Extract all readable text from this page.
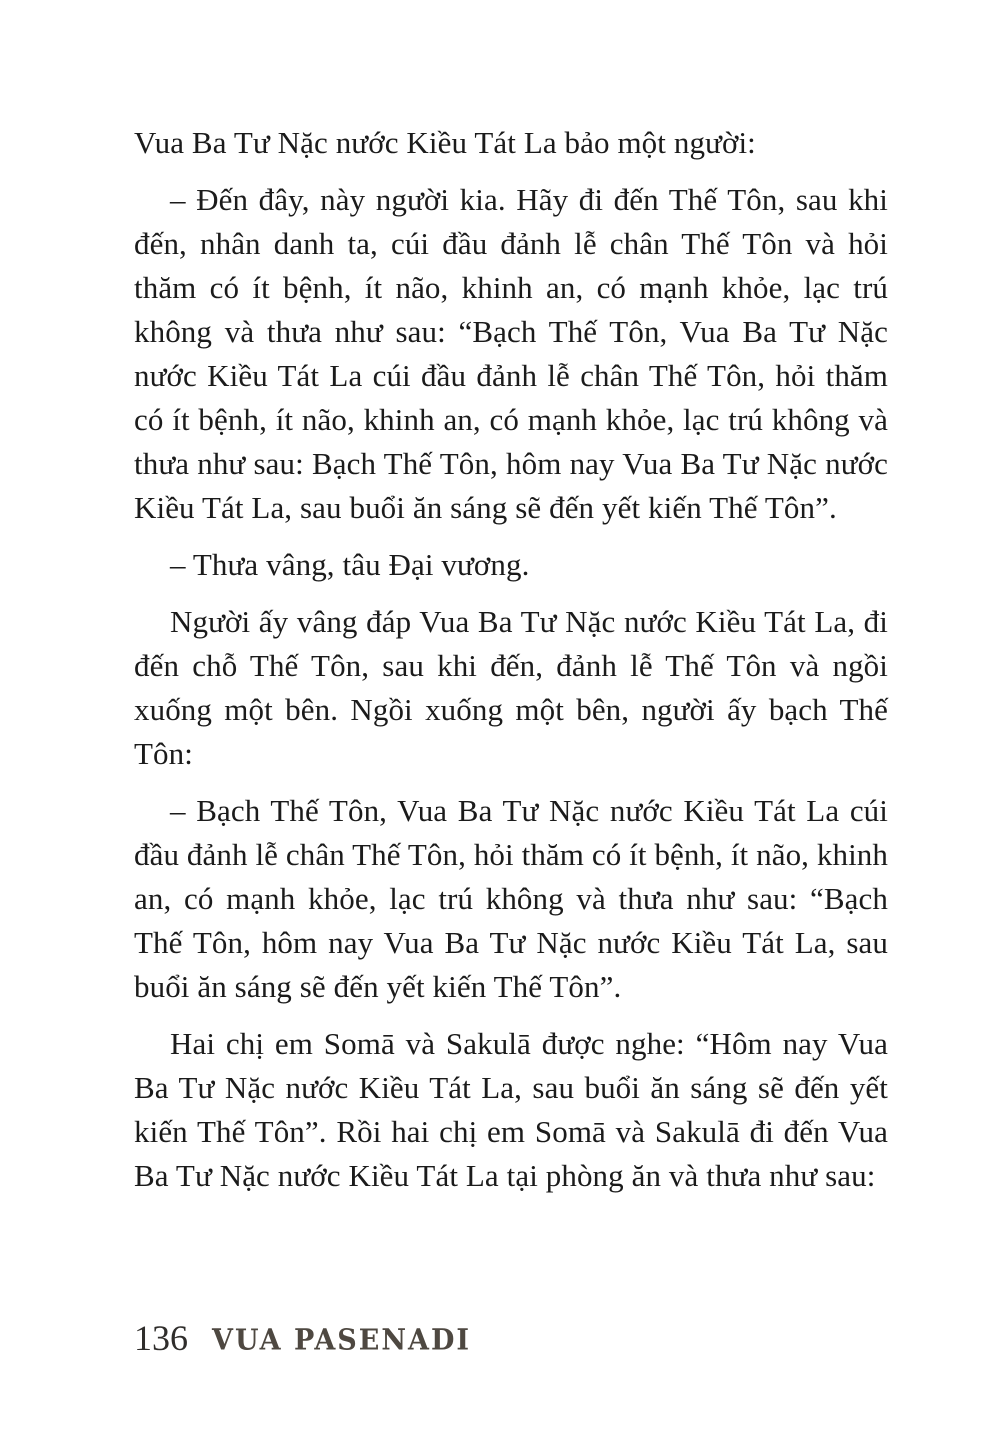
Vua Ba Tư Nặc nước Kiều Tát La bảo một người:

– Đến đây, này người kia. Hãy đi đến Thế Tôn, sau khi đến, nhân danh ta, cúi đầu đảnh lễ chân Thế Tôn và hỏi thăm có ít bệnh, ít não, khinh an, có mạnh khỏe, lạc trú không và thưa như sau: “Bạch Thế Tôn, Vua Ba Tư Nặc nước Kiều Tát La cúi đầu đảnh lễ chân Thế Tôn, hỏi thăm có ít bệnh, ít não, khinh an, có mạnh khỏe, lạc trú không và thưa như sau: Bạch Thế Tôn, hôm nay Vua Ba Tư Nặc nước Kiều Tát La, sau buổi ăn sáng sẽ đến yết kiến Thế Tôn”.

– Thưa vâng, tâu Đại vương.

Người ấy vâng đáp Vua Ba Tư Nặc nước Kiều Tát La, đi đến chỗ Thế Tôn, sau khi đến, đảnh lễ Thế Tôn và ngồi xuống một bên. Ngồi xuống một bên, người ấy bạch Thế Tôn:

– Bạch Thế Tôn, Vua Ba Tư Nặc nước Kiều Tát La cúi đầu đảnh lễ chân Thế Tôn, hỏi thăm có ít bệnh, ít não, khinh an, có mạnh khỏe, lạc trú không và thưa như sau: “Bạch Thế Tôn, hôm nay Vua Ba Tư Nặc nước Kiều Tát La, sau buổi ăn sáng sẽ đến yết kiến Thế Tôn”.

Hai chị em Somā và Sakulā được nghe: “Hôm nay Vua Ba Tư Nặc nước Kiều Tát La, sau buổi ăn sáng sẽ đến yết kiến Thế Tôn”. Rồi hai chị em Somā và Sakulā đi đến Vua Ba Tư Nặc nước Kiều Tát La tại phòng ăn và thưa như sau:

136 VUA PASENADI
